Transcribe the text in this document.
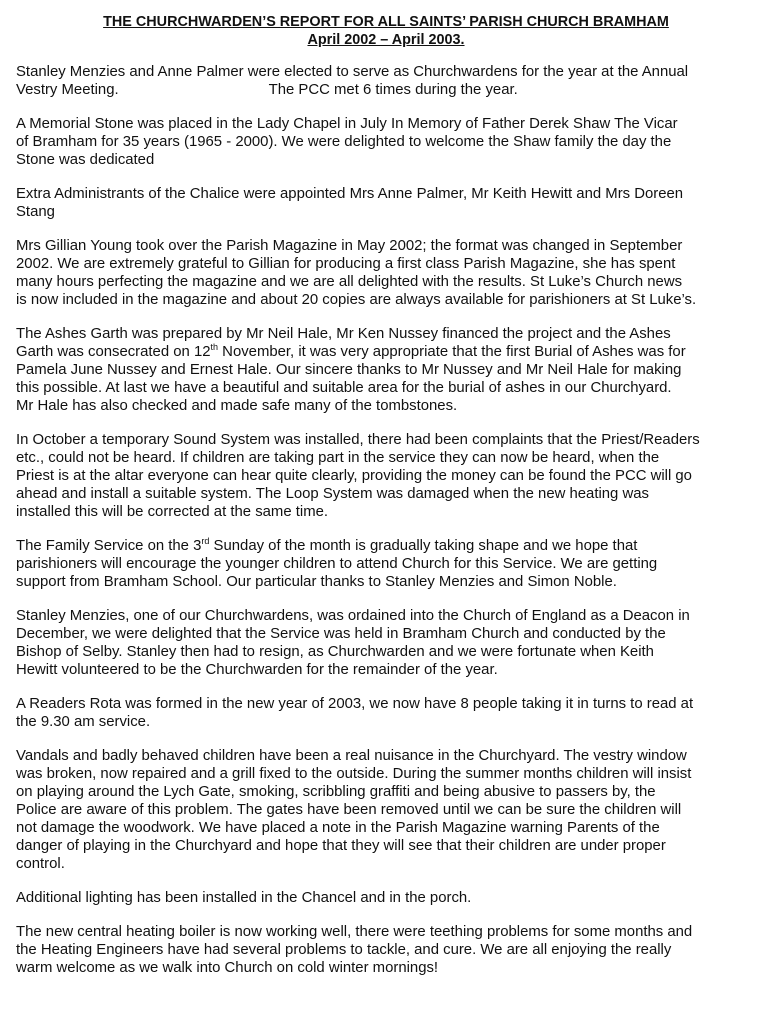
THE CHURCHWARDEN’S REPORT FOR ALL SAINTS’ PARISH CHURCH BRAMHAM
April 2002 – April 2003.
Stanley Menzies and Anne Palmer were elected to serve as Churchwardens for the year at the Annual
Vestry Meeting.	The PCC met 6 times during the year.
A Memorial Stone was placed in the Lady Chapel in July In Memory of Father Derek Shaw The Vicar
of Bramham for 35 years (1965 - 2000). We were delighted to welcome the Shaw family the day the
Stone was dedicated
Extra Administrants of the Chalice were appointed Mrs Anne Palmer, Mr Keith Hewitt and Mrs Doreen
Stang
Mrs Gillian Young took over the Parish Magazine in May 2002; the format was changed in September
2002. We are extremely grateful to Gillian for producing a first class Parish Magazine, she has spent
many hours perfecting the magazine and we are all delighted with the results. St Luke’s Church news
is now included in the magazine and about 20 copies are always available for parishioners at St Luke’s.
The Ashes Garth was prepared by Mr Neil Hale, Mr Ken Nussey financed the project and the Ashes
Garth was consecrated on 12th November, it was very appropriate that the first Burial of Ashes was for
Pamela June Nussey and Ernest Hale. Our sincere thanks to Mr Nussey and Mr Neil Hale for making
this possible. At last we have a beautiful and suitable area for the burial of ashes in our Churchyard.
Mr Hale has also checked and made safe many of the tombstones.
In October a temporary Sound System was installed, there had been complaints that the Priest/Readers
etc., could not be heard. If children are taking part in the service they can now be heard, when the
Priest is at the altar everyone can hear quite clearly, providing the money can be found the PCC will go
ahead and install a suitable system. The Loop System was damaged when the new heating was
installed this will be corrected at the same time.
The Family Service on the 3rd Sunday of the month is gradually taking shape and we hope that
parishioners will encourage the younger children to attend Church for this Service. We are getting
support from Bramham School. Our particular thanks to Stanley Menzies and Simon Noble.
Stanley Menzies, one of our Churchwardens, was ordained into the Church of England as a Deacon in
December, we were delighted that the Service was held in Bramham Church and conducted by the
Bishop of Selby. Stanley then had to resign, as Churchwarden and we were fortunate when Keith
Hewitt volunteered to be the Churchwarden for the remainder of the year.
A Readers Rota was formed in the new year of 2003, we now have 8 people taking it in turns to read at
the 9.30 am service.
Vandals and badly behaved children have been a real nuisance in the Churchyard. The vestry window
was broken, now repaired and a grill fixed to the outside. During the summer months children will insist
on playing around the Lych Gate, smoking, scribbling graffiti and being abusive to passers by, the
Police are aware of this problem. The gates have been removed until we can be sure the children will
not damage the woodwork. We have placed a note in the Parish Magazine warning Parents of the
danger of playing in the Churchyard and hope that they will see that their children are under proper
control.
Additional lighting has been installed in the Chancel and in the porch.
The new central heating boiler is now working well, there were teething problems for some months and
the Heating Engineers have had several problems to tackle, and cure. We are all enjoying the really
warm welcome as we walk into Church on cold winter mornings!
